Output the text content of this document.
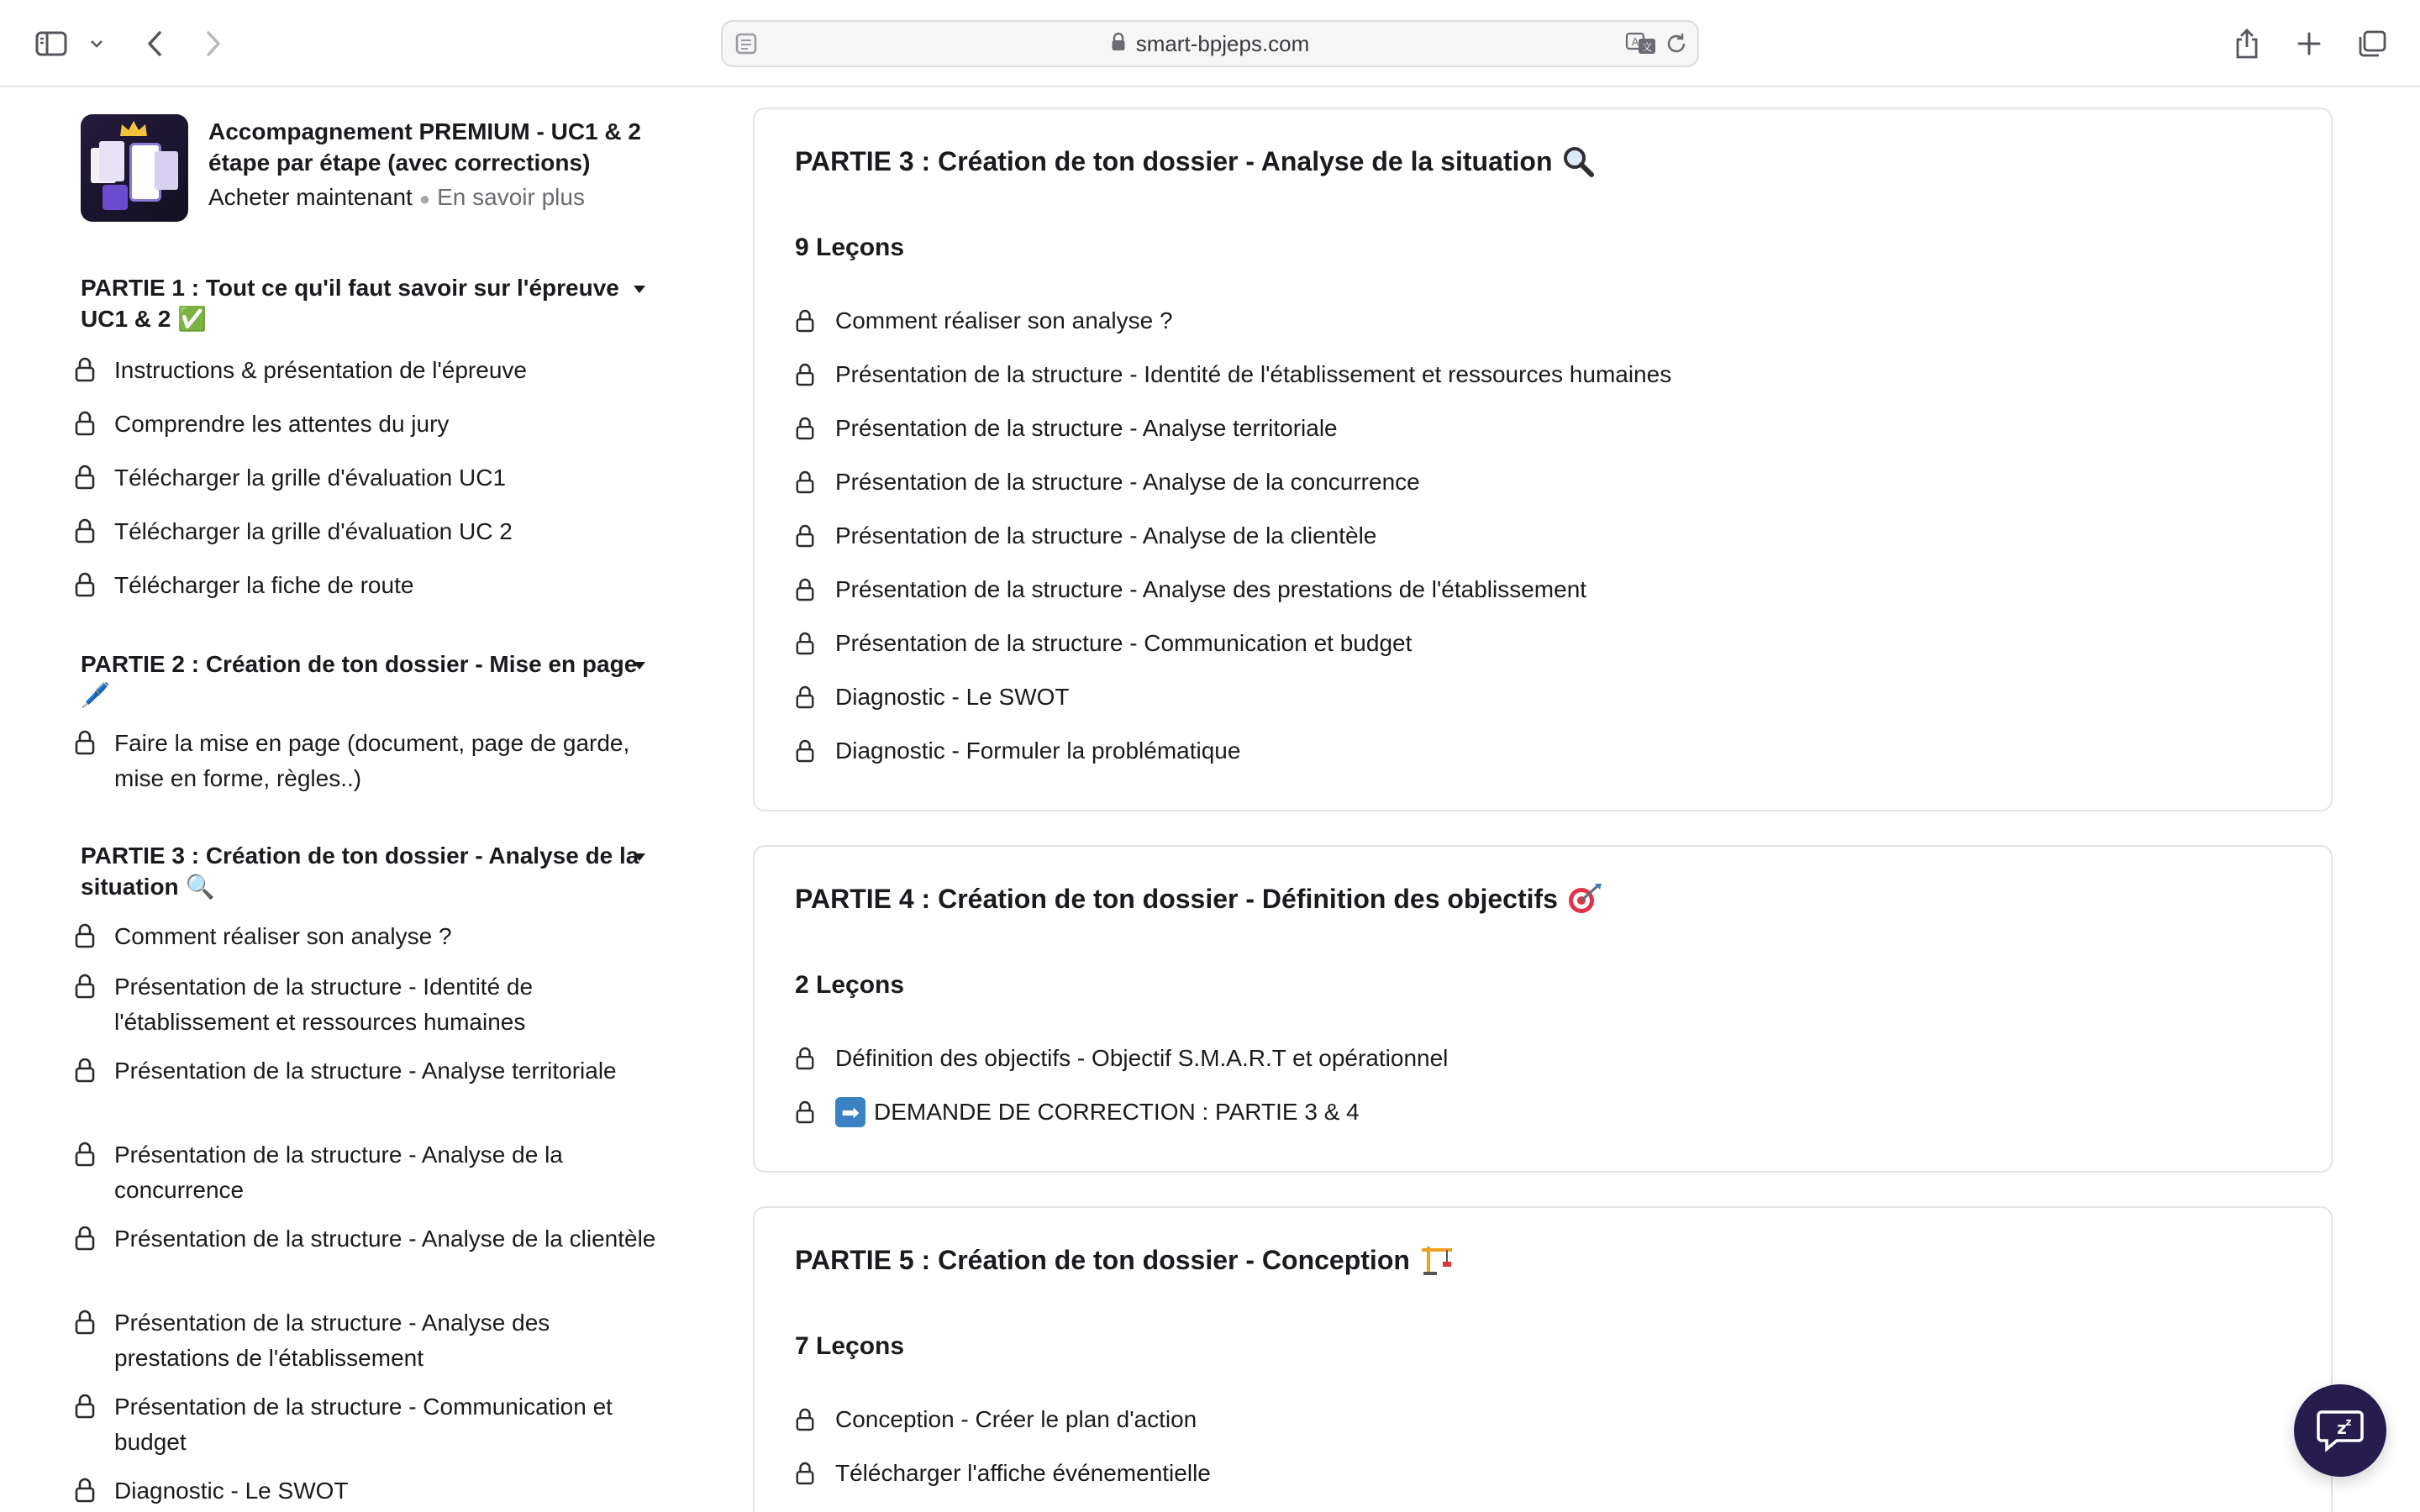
smart-bpjeps.com	A 文
Accompagnement PREMIUM - UC1 & 2 étape par étape (avec corrections)
Acheter maintenant ● En savoir plus
PARTIE 1 : Tout ce qu'il faut savoir sur l'épreuve UC1 & 2 ✅
Instructions & présentation de l'épreuve
Comprendre les attentes du jury
Télécharger la grille d'évaluation UC1
Télécharger la grille d'évaluation UC 2
Télécharger la fiche de route
PARTIE 2 : Création de ton dossier - Mise en page 🖊️
Faire la mise en page (document, page de garde, mise en forme, règles..)
PARTIE 3 : Création de ton dossier - Analyse de la situation 🔍
Comment réaliser son analyse ?
Présentation de la structure - Identité de l'établissement et ressources humaines
Présentation de la structure - Analyse territoriale
Présentation de la structure - Analyse de la concurrence
Présentation de la structure - Analyse de la clientèle
Présentation de la structure - Analyse des prestations de l'établissement
Présentation de la structure - Communication et budget
Diagnostic - Le SWOT
PARTIE 3 : Création de ton dossier - Analyse de la situation
9 Leçons
Comment réaliser son analyse ?
Présentation de la structure - Identité de l'établissement et ressources humaines
Présentation de la structure - Analyse territoriale
Présentation de la structure - Analyse de la concurrence
Présentation de la structure - Analyse de la clientèle
Présentation de la structure - Analyse des prestations de l'établissement
Présentation de la structure - Communication et budget
Diagnostic - Le SWOT
Diagnostic - Formuler la problématique
PARTIE 4 : Création de ton dossier - Définition des objectifs
2 Leçons
Définition des objectifs - Objectif S.M.A.R.T et opérationnel
➡ DEMANDE DE CORRECTION : PARTIE 3 & 4
PARTIE 5 : Création de ton dossier - Conception
7 Leçons
Conception - Créer le plan d'action
Télécharger l'affiche événementielle
z
z
